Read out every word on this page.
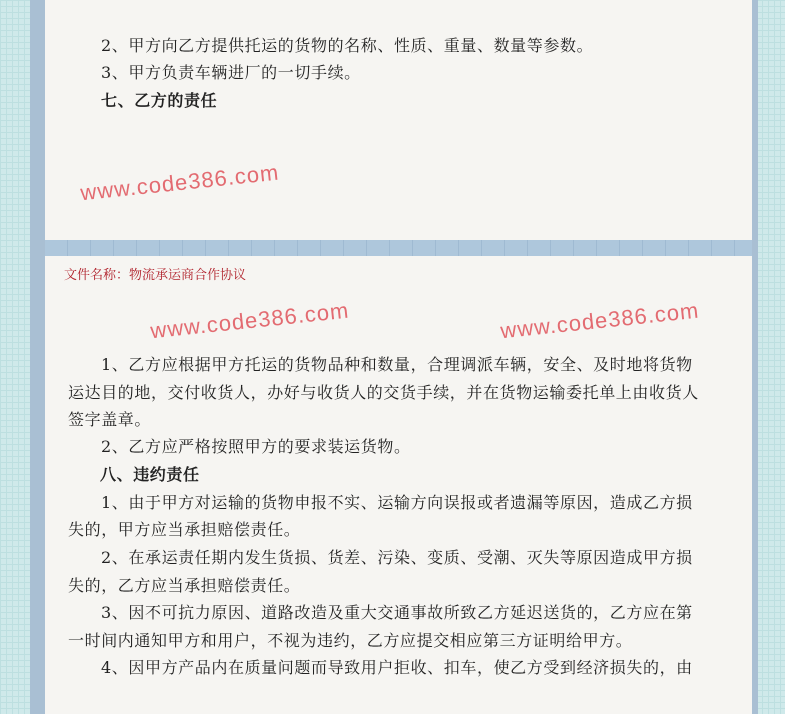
2、甲方向乙方提供托运的货物的名称、性质、重量、数量等参数。
3、甲方负责车辆进厂的一切手续。
七、乙方的责任
文件名称：物流承运商合作协议
1、乙方应根据甲方托运的货物品种和数量，合理调派车辆，安全、及时地将货物
运达目的地，交付收货人，办好与收货人的交货手续，并在货物运输委托单上由收货人
签字盖章。
2、乙方应严格按照甲方的要求装运货物。
八、违约责任
1、由于甲方对运输的货物申报不实、运输方向误报或者遗漏等原因，造成乙方损
失的，甲方应当承担赔偿责任。
2、在承运责任期内发生货损、货差、污染、变质、受潮、灭失等原因造成甲方损
失的，乙方应当承担赔偿责任。
3、因不可抗力原因、道路改造及重大交通事故所致乙方延迟送货的，乙方应在第
一时间内通知甲方和用户，不视为违约，乙方应提交相应第三方证明给甲方。
4、因甲方产品内在质量问题而导致用户拒收、扣车，使乙方受到经济损失的，由
www.code386.com
www.code386.com	www.code386.com
